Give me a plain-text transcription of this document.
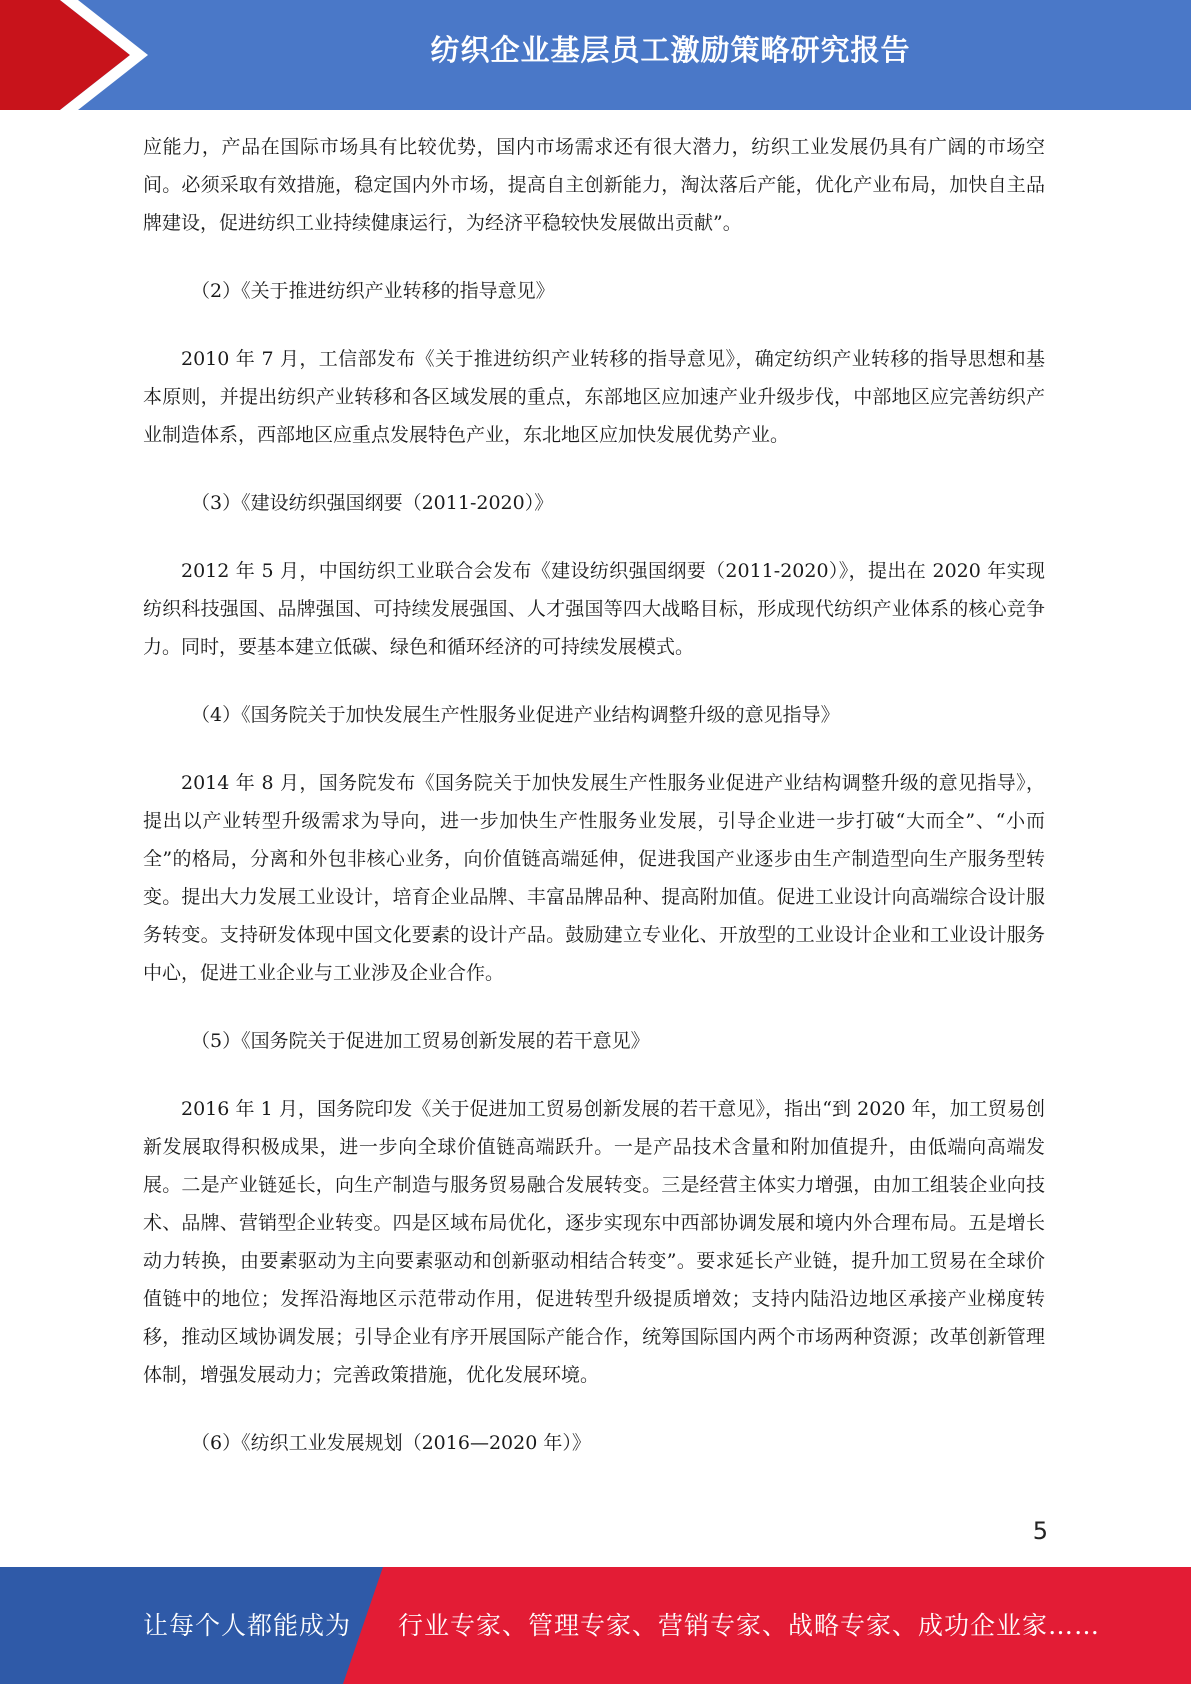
纺织企业基层员工激励策略研究报告

应能力，产品在国际市场具有比较优势，国内市场需求还有很大潜力，纺织工业发展仍具有广阔的市场空间。必须采取有效措施，稳定国内外市场，提高自主创新能力，淘汰落后产能，优化产业布局，加快自主品牌建设，促进纺织工业持续健康运行，为经济平稳较快发展做出贡献”。

（2）《关于推进纺织产业转移的指导意见》

2010 年 7 月，工信部发布《关于推进纺织产业转移的指导意见》，确定纺织产业转移的指导思想和基本原则，并提出纺织产业转移和各区域发展的重点，东部地区应加速产业升级步伐，中部地区应完善纺织产业制造体系，西部地区应重点发展特色产业，东北地区应加快发展优势产业。

（3）《建设纺织强国纲要（2011-2020）》

2012 年 5 月，中国纺织工业联合会发布《建设纺织强国纲要（2011-2020）》，提出在 2020 年实现纺织科技强国、品牌强国、可持续发展强国、人才强国等四大战略目标，形成现代纺织产业体系的核心竞争力。同时，要基本建立低碳、绿色和循环经济的可持续发展模式。

（4）《国务院关于加快发展生产性服务业促进产业结构调整升级的意见指导》

2014 年 8 月，国务院发布《国务院关于加快发展生产性服务业促进产业结构调整升级的意见指导》，提出以产业转型升级需求为导向，进一步加快生产性服务业发展，引导企业进一步打破“大而全”、“小而全”的格局，分离和外包非核心业务，向价值链高端延伸，促进我国产业逐步由生产制造型向生产服务型转变。提出大力发展工业设计，培育企业品牌、丰富品牌品种、提高附加值。促进工业设计向高端综合设计服务转变。支持研发体现中国文化要素的设计产品。鼓励建立专业化、开放型的工业设计企业和工业设计服务中心，促进工业企业与工业涉及企业合作。

（5）《国务院关于促进加工贸易创新发展的若干意见》

2016 年 1 月，国务院印发《关于促进加工贸易创新发展的若干意见》，指出“到 2020 年，加工贸易创新发展取得积极成果，进一步向全球价值链高端跃升。一是产品技术含量和附加值提升，由低端向高端发展。二是产业链延长，向生产制造与服务贸易融合发展转变。三是经营主体实力增强，由加工组装企业向技术、品牌、营销型企业转变。四是区域布局优化，逐步实现东中西部协调发展和境内外合理布局。五是增长动力转换，由要素驱动为主向要素驱动和创新驱动相结合转变”。要求延长产业链，提升加工贸易在全球价值链中的地位；发挥沿海地区示范带动作用，促进转型升级提质增效；支持内陆沿边地区承接产业梯度转移，推动区域协调发展；引导企业有序开展国际产能合作，统筹国际国内两个市场两种资源；改革创新管理体制，增强发展动力；完善政策措施，优化发展环境。

（6）《纺织工业发展规划（2016—2020 年）》
5
让每个人都能成为 行业专家、管理专家、营销专家、战略专家、成功企业家……
